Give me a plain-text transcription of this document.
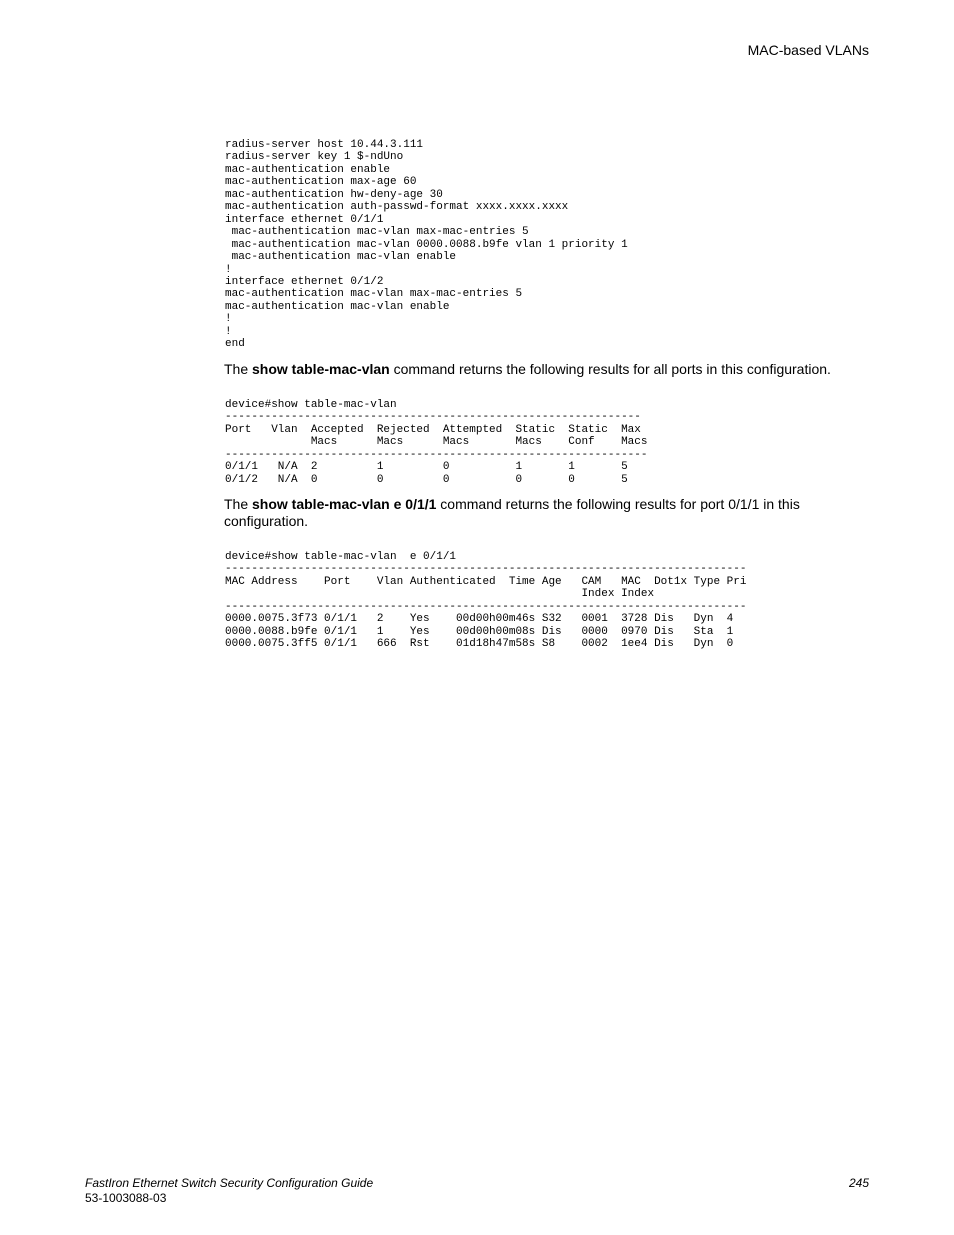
MAC-based VLANs
radius-server host 10.44.3.111
radius-server key 1 $-ndUno
mac-authentication enable
mac-authentication max-age 60
mac-authentication hw-deny-age 30
mac-authentication auth-passwd-format xxxx.xxxx.xxxx
interface ethernet 0/1/1
mac-authentication mac-vlan max-mac-entries 5
mac-authentication mac-vlan 0000.0088.b9fe vlan 1 priority 1
mac-authentication mac-vlan enable
!
interface ethernet 0/1/2
mac-authentication mac-vlan max-mac-entries 5
mac-authentication mac-vlan enable
!
!
end

The show table-mac-vlan command returns the following results for all ports in this configuration.

device#show table-mac-vlan
---------------------------------------------------------------
Port   Vlan  Accepted  Rejected  Attempted  Static  Static  Max
Macs      Macs      Macs       Macs    Conf    Macs
----------------------------------------------------------------
0/1/1   N/A  2         1         0          1       1       5
0/1/2   N/A  0         0         0          0       0       5

The show table-mac-vlan e 0/1/1 command returns the following results for port 0/1/1 in this configuration.

device#show table-mac-vlan  e 0/1/1
-------------------------------------------------------------------------------
MAC Address    Port    Vlan Authenticated  Time Age   CAM   MAC  Dot1x Type Pri
Index Index
-------------------------------------------------------------------------------
0000.0075.3f73 0/1/1   2    Yes    00d00h00m46s S32   0001  3728 Dis   Dyn  4
0000.0088.b9fe 0/1/1   1    Yes    00d00h00m08s Dis   0000  0970 Dis   Sta  1
0000.0075.3ff5 0/1/1   666  Rst    01d18h47m58s S8    0002  1ee4 Dis   Dyn  0
FastIron Ethernet Switch Security Configuration Guide
53-1003088-03
245
